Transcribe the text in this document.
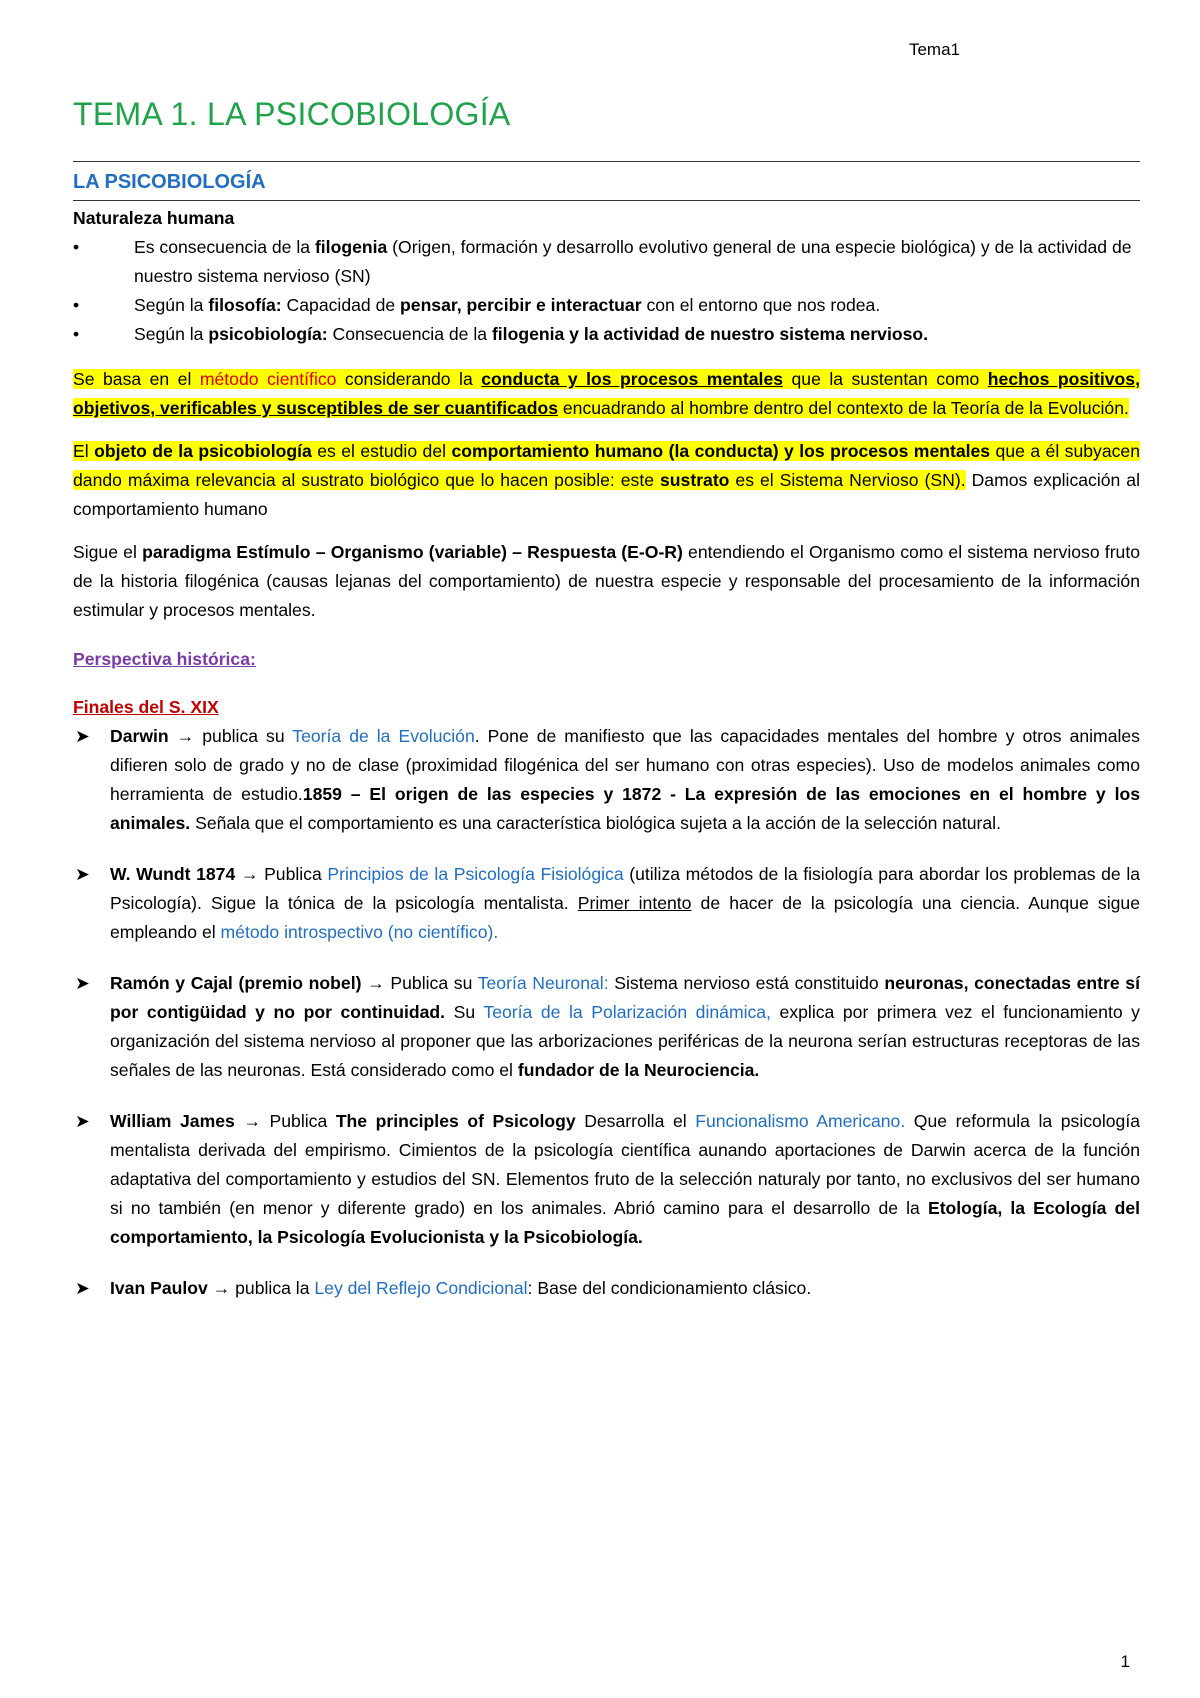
Tema1
TEMA 1. LA PSICOBIOLOGÍA
LA PSICOBIOLOGÍA

Naturaleza humana

•	Es consecuencia de la filogenia (Origen, formación y desarrollo evolutivo general de una especie biológica) y de la actividad de nuestro sistema nervioso (SN)
•	Según la filosofía: Capacidad de pensar, percibir e interactuar con el entorno que nos rodea.
•	Según la psicobiología: Consecuencia de la filogenia y la actividad de nuestro sistema nervioso.

Se basa en el método científico considerando la conducta y los procesos mentales que la sustentan como hechos positivos, objetivos, verificables y susceptibles de ser cuantificados encuadrando al hombre dentro del contexto de la Teoría de la Evolución.

El objeto de la psicobiología es el estudio del comportamiento humano (la conducta) y los procesos mentales que a él subyacen dando máxima relevancia al sustrato biológico que lo hacen posible: este sustrato es el Sistema Nervioso (SN). Damos explicación al comportamiento humano

Sigue el paradigma Estímulo – Organismo (variable) – Respuesta (E-O-R) entendiendo el Organismo como el sistema nervioso fruto de la historia filogénica (causas lejanas del comportamiento) de nuestra especie y responsable del procesamiento de la información estimular y procesos mentales.

Perspectiva histórica:

Finales del S. XIX

➤ Darwin → publica su Teoría de la Evolución. Pone de manifiesto que las capacidades mentales del hombre y otros animales difieren solo de grado y no de clase (proximidad filogénica del ser humano con otras especies). Uso de modelos animales como herramienta de estudio.1859 – El origen de las especies y 1872 - La expresión de las emociones en el hombre y los animales. Señala que el comportamiento es una característica biológica sujeta a la acción de la selección natural.
➤ W. Wundt 1874 → Publica Principios de la Psicología Fisiológica (utiliza métodos de la fisiología para abordar los problemas de la Psicología). Sigue la tónica de la psicología mentalista. Primer intento de hacer de la psicología una ciencia. Aunque sigue empleando el método introspectivo (no científico).
➤ Ramón y Cajal (premio nobel) → Publica su Teoría Neuronal: Sistema nervioso está constituido neuronas, conectadas entre sí por contigüidad y no por continuidad. Su Teoría de la Polarización dinámica, explica por primera vez el funcionamiento y organización del sistema nervioso al proponer que las arborizaciones periféricas de la neurona serían estructuras receptoras de las señales de las neuronas. Está considerado como el fundador de la Neurociencia.
➤ William James → Publica The principles of Psicology Desarrolla el Funcionalismo Americano. Que reformula la psicología mentalista derivada del empirismo. Cimientos de la psicología científica aunando aportaciones de Darwin acerca de la función adaptativa del comportamiento y estudios del SN. Elementos fruto de la selección naturaly por tanto, no exclusivos del ser humano si no también (en menor y diferente grado) en los animales. Abrió camino para el desarrollo de la Etología, la Ecología del comportamiento, la Psicología Evolucionista y la Psicobiología.
➤ Ivan Paulov → publica la Ley del Reflejo Condicional: Base del condicionamiento clásico.
1
